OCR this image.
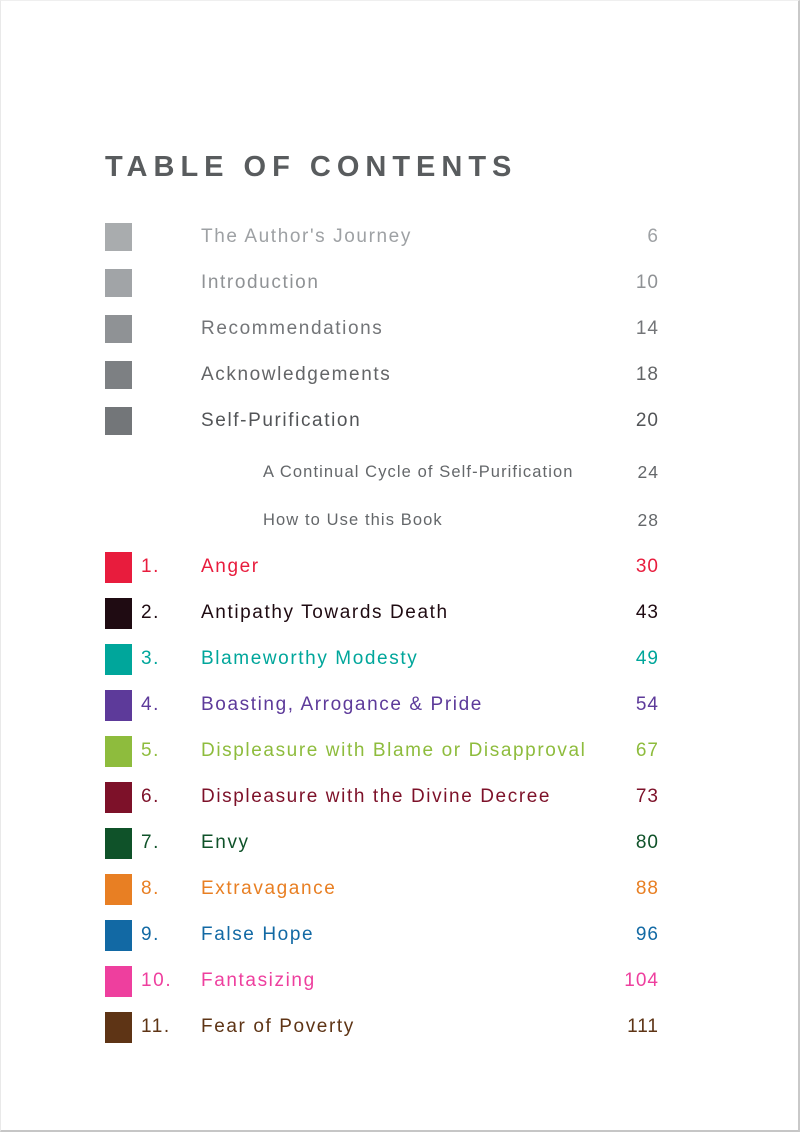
TABLE OF CONTENTS
The Author's Journey	6
Introduction	10
Recommendations	14
Acknowledgements	18
Self-Purification	20
A Continual Cycle of Self-Purification	24
How to Use this Book	28
1.	Anger	30
2.	Antipathy Towards Death	43
3.	Blameworthy Modesty	49
4.	Boasting, Arrogance & Pride	54
5.	Displeasure with Blame or Disapproval	67
6.	Displeasure with the Divine Decree	73
7.	Envy	80
8.	Extravagance	88
9.	False Hope	96
10.	Fantasizing	104
11.	Fear of Poverty	111
